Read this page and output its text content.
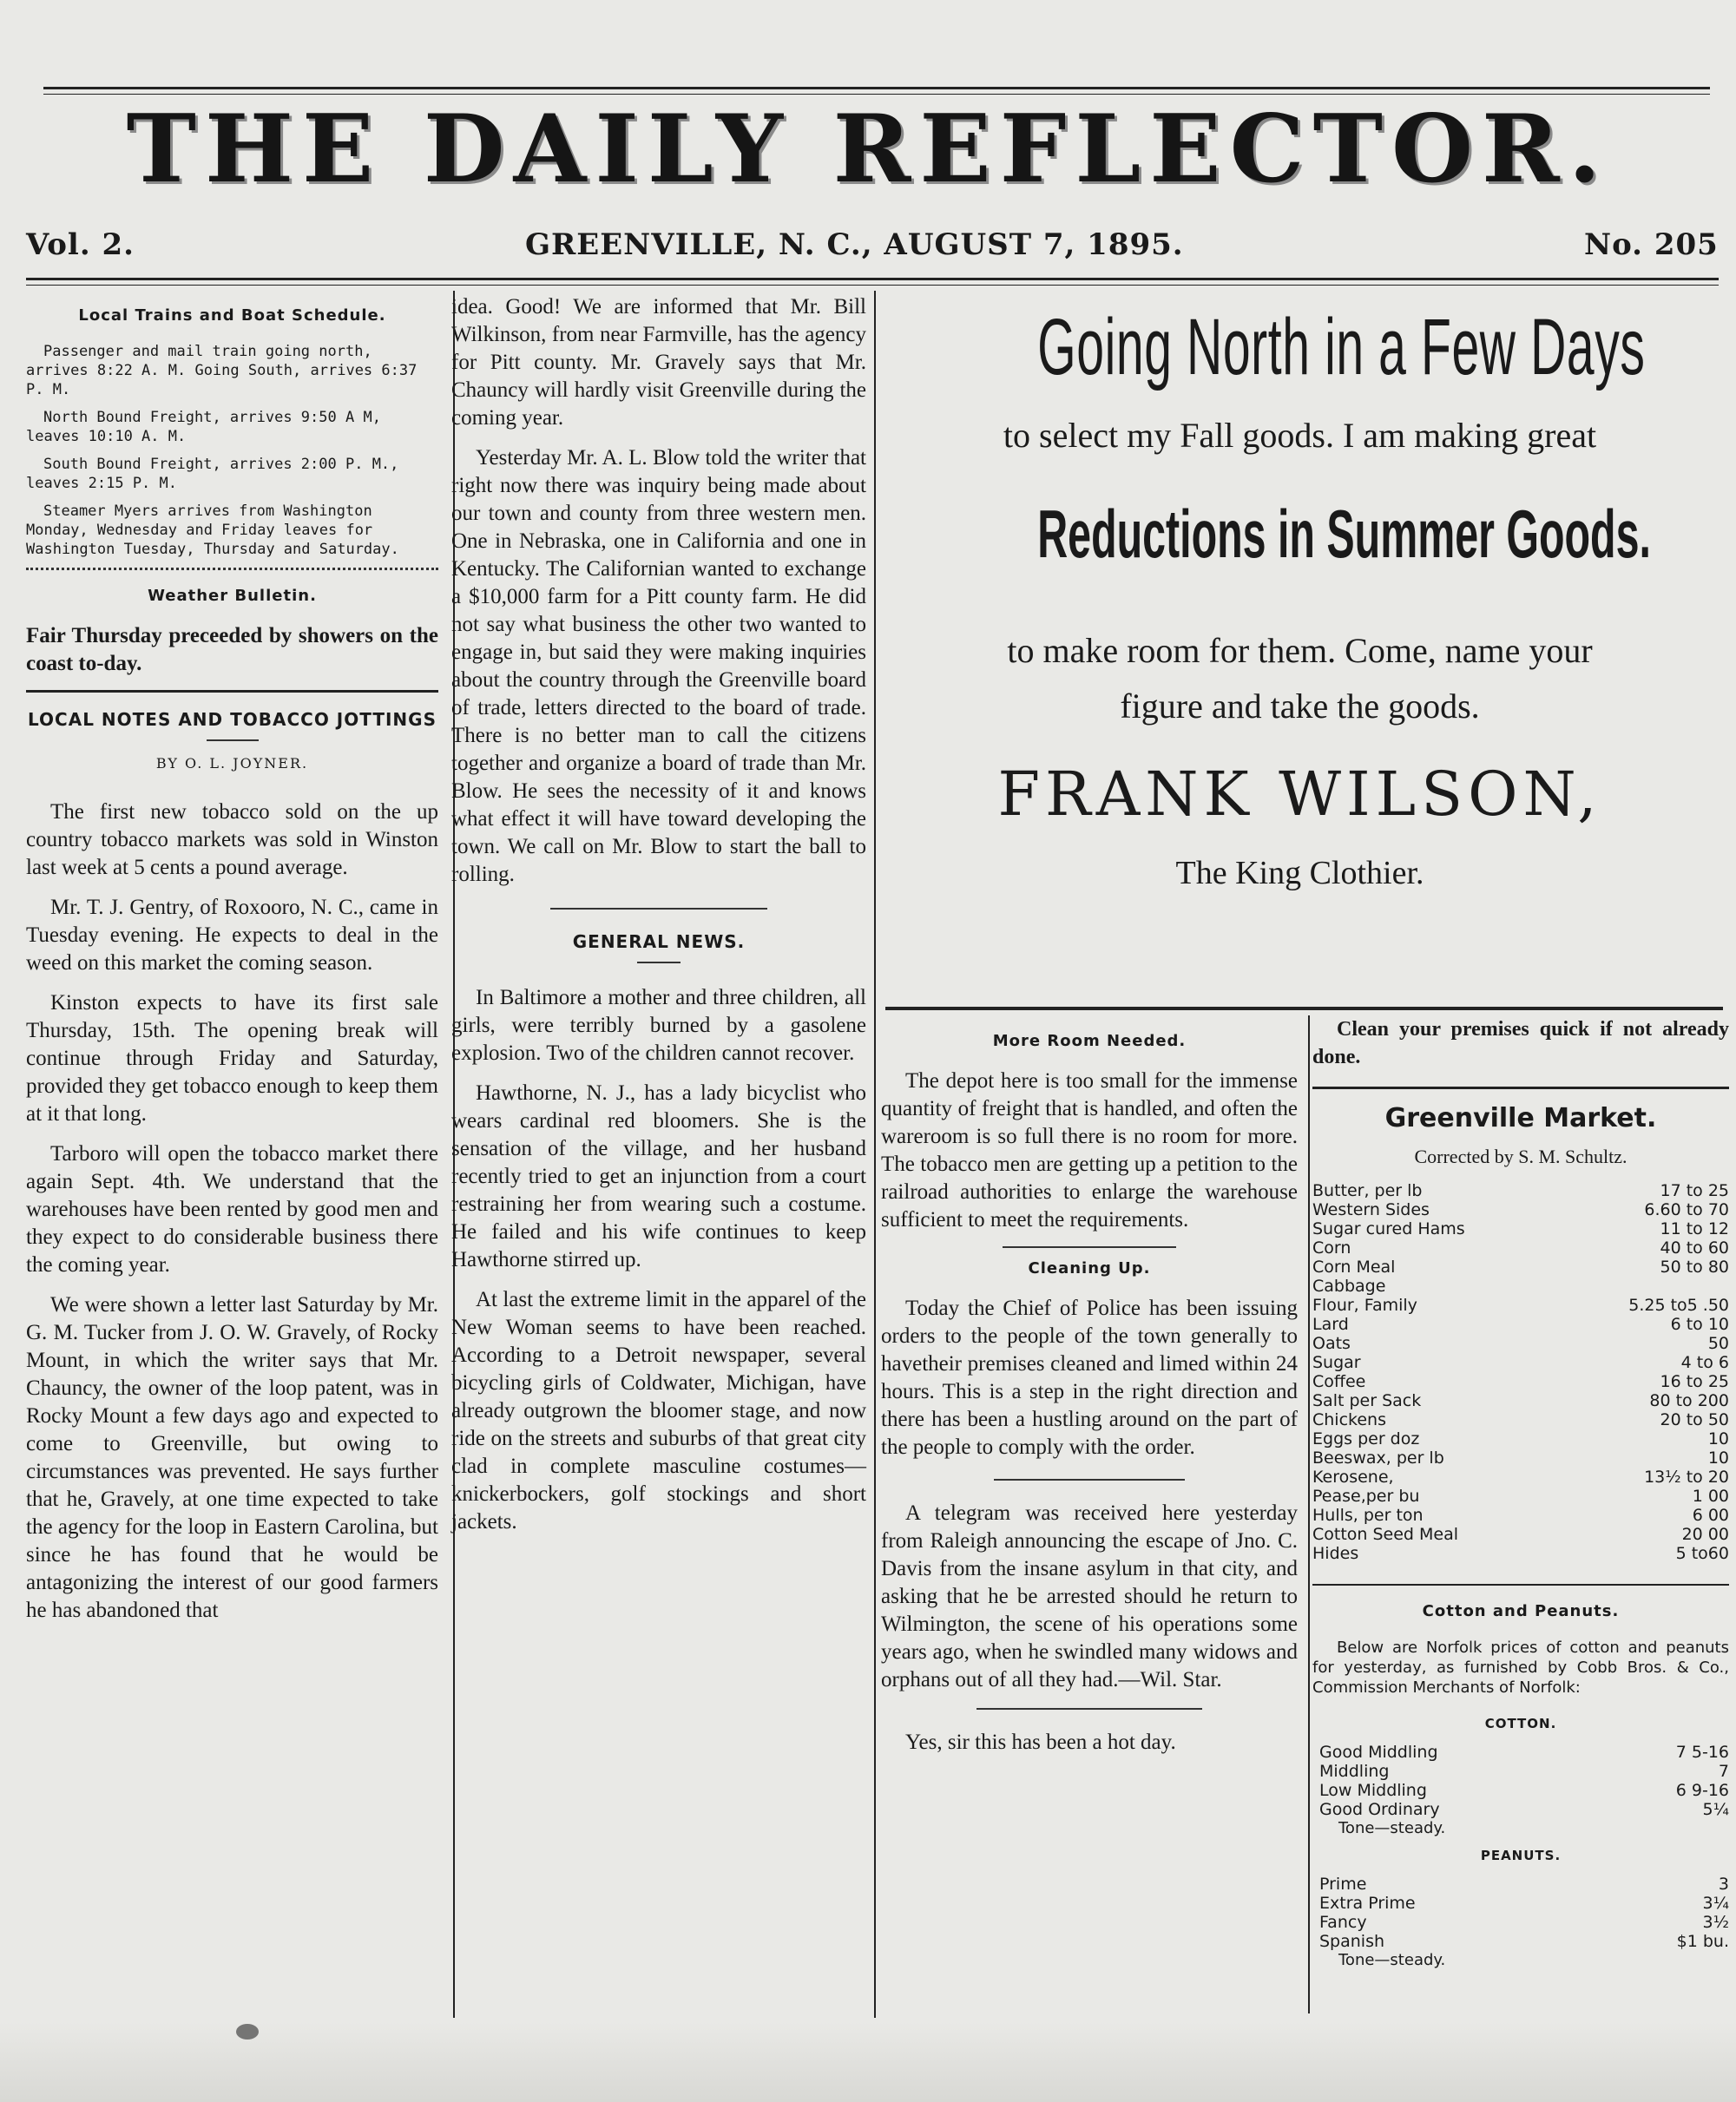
THE DAILY REFLECTOR.
Vol. 2.	GREENVILLE, N. C., AUGUST 7, 1895.	No. 205
Local Trains and Boat Schedule.

Passenger and mail train going north, arrives 8:22 A. M. Going South, arrives 6:37 P. M.

North Bound Freight, arrives 9:50 A M, leaves 10:10 A. M.

South Bound Freight, arrives 2:00 P. M., leaves 2:15 P. M.

Steamer Myers arrives from Washington Monday, Wednesday and Friday leaves for Washington Tuesday, Thursday and Saturday.

Weather Bulletin.

Fair Thursday preceeded by showers on the coast to-day.

LOCAL NOTES AND TOBACCO JOTTINGS
BY O. L. JOYNER.

The first new tobacco sold on the up country tobacco markets was sold in Winston last week at 5 cents a pound average.

Mr. T. J. Gentry, of Roxooro, N. C., came in Tuesday evening. He expects to deal in the weed on this market the coming season.

Kinston expects to have its first sale Thursday, 15th. The opening break will continue through Friday and Saturday, provided they get tobacco enough to keep them at it that long.

Tarboro will open the tobacco market there again Sept. 4th. We understand that the warehouses have been rented by good men and they expect to do considerable business there the coming year.

We were shown a letter last Saturday by Mr. G. M. Tucker from J. O. W. Gravely, of Rocky Mount, in which the writer says that Mr. Chauncy, the owner of the loop patent, was in Rocky Mount a few days ago and expected to come to Greenville, but owing to circumstances was prevented. He says further that he, Gravely, at one time expected to take the agency for the loop in Eastern Carolina, but since he has found that he would be antagonizing the interest of our good farmers he has abandoned that

idea. Good! We are informed that Mr. Bill Wilkinson, from near Farmville, has the agency for Pitt county. Mr. Gravely says that Mr. Chauncy will hardly visit Greenville during the coming year.

Yesterday Mr. A. L. Blow told the writer that right now there was inquiry being made about our town and county from three western men. One in Nebraska, one in California and one in Kentucky. The Californian wanted to exchange a $10,000 farm for a Pitt county farm. He did not say what business the other two wanted to engage in, but said they were making inquiries about the country through the Greenville board of trade, letters directed to the board of trade. There is no better man to call the citizens together and organize a board of trade than Mr. Blow. He sees the necessity of it and knows what effect it will have toward developing the town. We call on Mr. Blow to start the ball to rolling.

GENERAL NEWS.

In Baltimore a mother and three children, all girls, were terribly burned by a gasolene explosion. Two of the children cannot recover.

Hawthorne, N. J., has a lady bicyclist who wears cardinal red bloomers. She is the sensation of the village, and her husband recently tried to get an injunction from a court restraining her from wearing such a costume. He failed and his wife continues to keep Hawthorne stirred up.

At last the extreme limit in the apparel of the New Woman seems to have been reached. According to a Detroit newspaper, several bicycling girls of Coldwater, Michigan, have already outgrown the bloomer stage, and now ride on the streets and suburbs of that great city clad in complete masculine costumes—knickerbockers, golf stockings and short jackets.

Going North in a Few Days
to select my Fall goods. I am making great
Reductions in Summer Goods.
to make room for them. Come, name your
figure and take the goods.
FRANK WILSON,
The King Clothier.
More Room Needed.

The depot here is too small for the immense quantity of freight that is handled, and often the wareroom is so full there is no room for more. The tobacco men are getting up a petition to the railroad authorities to enlarge the warehouse sufficient to meet the requirements.

Cleaning Up.

Today the Chief of Police has been issuing orders to the people of the town generally to havetheir premises cleaned and limed within 24 hours. This is a step in the right direction and there has been a hustling around on the part of the people to comply with the order.

A telegram was received here yesterday from Raleigh announcing the escape of Jno. C. Davis from the insane asylum in that city, and asking that he be arrested should he return to Wilmington, the scene of his operations some years ago, when he swindled many widows and orphans out of all they had.—Wil. Star.

Yes, sir this has been a hot day.

Clean your premises quick if not already done.

Greenville Market.
Corrected by S. M. Schultz.
Butter, per lb	17 to 25
Western Sides	6.60 to 70
Sugar cured Hams	11 to 12
Corn	40 to 60
Corn Meal	50 to 80
Cabbage
Flour, Family	5.25 to5 .50
Lard	6 to 10
Oats	50
Sugar	4 to 6
Coffee	16 to 25
Salt per Sack	80 to 200
Chickens	20 to 50
Eggs per doz	10
Beeswax, per lb	10
Kerosene,	13½ to 20
Pease,per bu	1 00
Hulls, per ton	6 00
Cotton Seed Meal	20 00
Hides	5 to60
Cotton and Peanuts.

Below are Norfolk prices of cotton and peanuts for yesterday, as furnished by Cobb Bros. & Co., Commission Merchants of Norfolk:

COTTON.
Good Middling	7 5-16
Middling	7
Low Middling	6 9-16
Good Ordinary	5¼
Tone—steady.
PEANUTS.
Prime	3
Extra Prime	3¼
Fancy	3½
Spanish	$1 bu.
Tone—steady.
